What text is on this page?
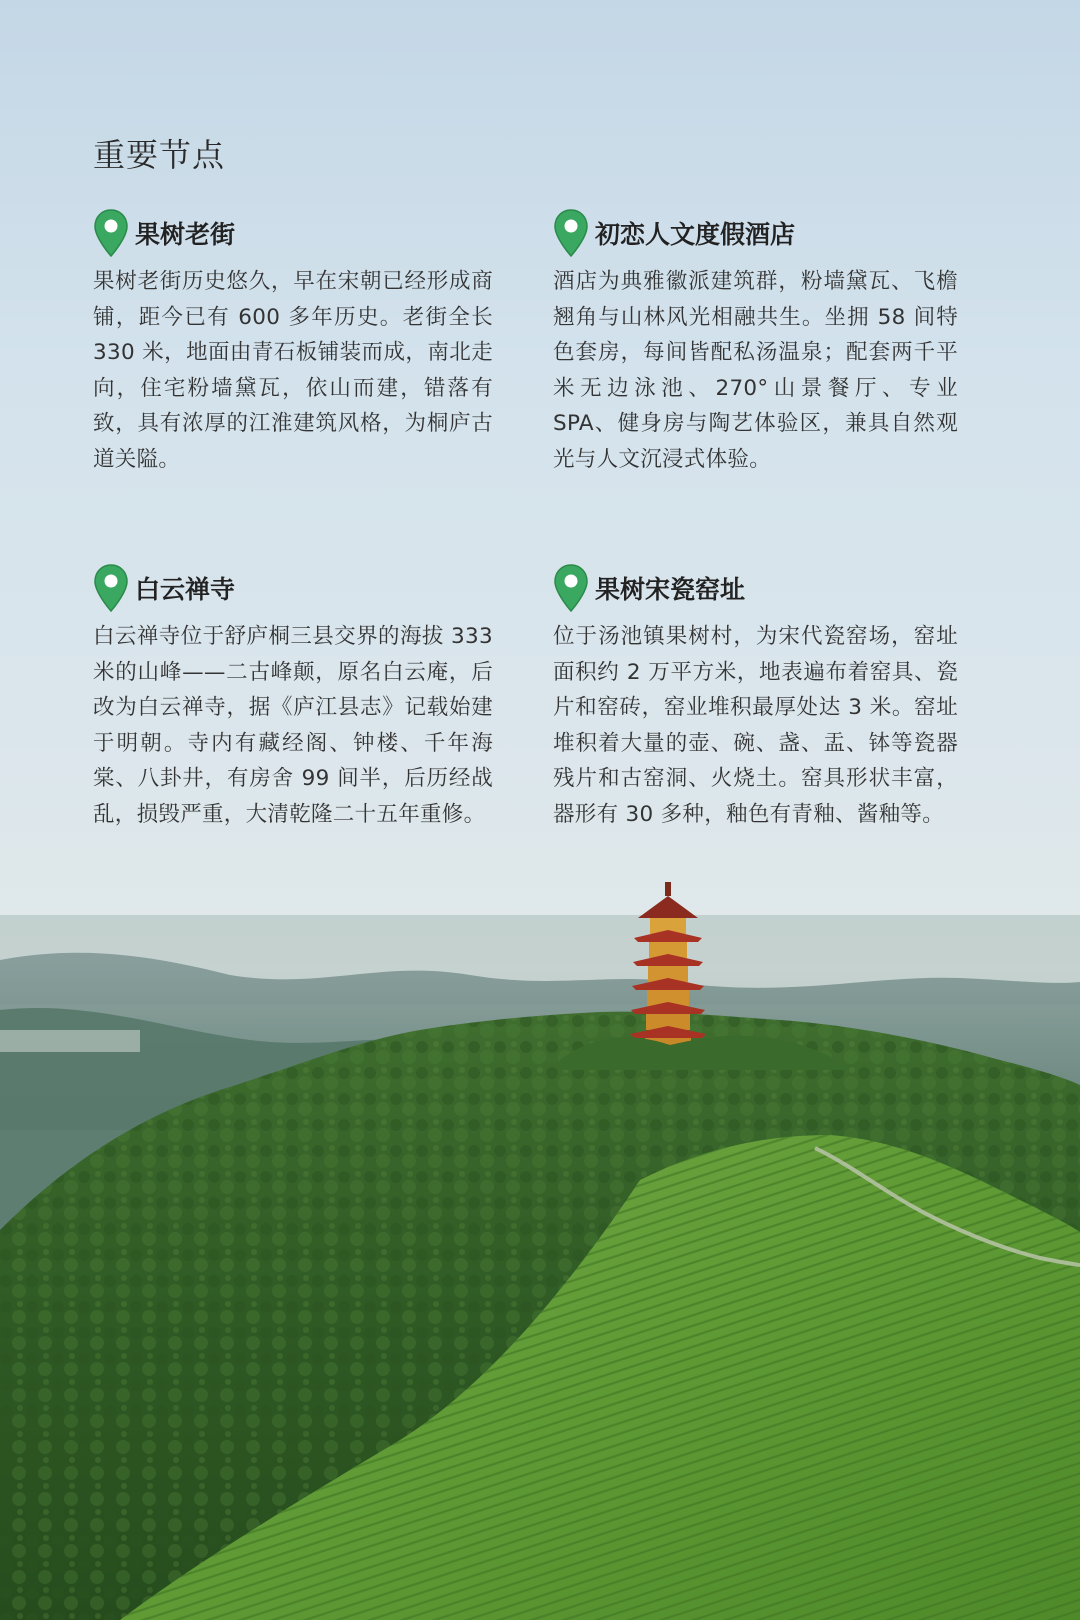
重要节点
果树老街

果树老街历史悠久，早在宋朝已经形成商铺，距今已有 600 多年历史。老街全长 330 米，地面由青石板铺装而成，南北走向，住宅粉墙黛瓦，依山而建，错落有致，具有浓厚的江淮建筑风格，为桐庐古道关隘。

初恋人文度假酒店

酒店为典雅徽派建筑群，粉墙黛瓦、飞檐翘角与山林风光相融共生。坐拥 58 间特色套房，每间皆配私汤温泉；配套两千平米无边泳池、270°山景餐厅、专业 SPA、健身房与陶艺体验区，兼具自然观光与人文沉浸式体验。

白云禅寺

白云禅寺位于舒庐桐三县交界的海拔 333 米的山峰——二古峰颠，原名白云庵，后改为白云禅寺，据《庐江县志》记载始建于明朝。寺内有藏经阁、钟楼、千年海棠、八卦井，有房舍 99 间半，后历经战乱，损毁严重，大清乾隆二十五年重修。

果树宋瓷窑址

位于汤池镇果树村，为宋代瓷窑场，窑址面积约 2 万平方米，地表遍布着窑具、瓷片和窑砖，窑业堆积最厚处达 3 米。窑址堆积着大量的壶、碗、盏、盂、钵等瓷器残片和古窑洞、火烧土。窑具形状丰富，器形有 30 多种，釉色有青釉、酱釉等。
